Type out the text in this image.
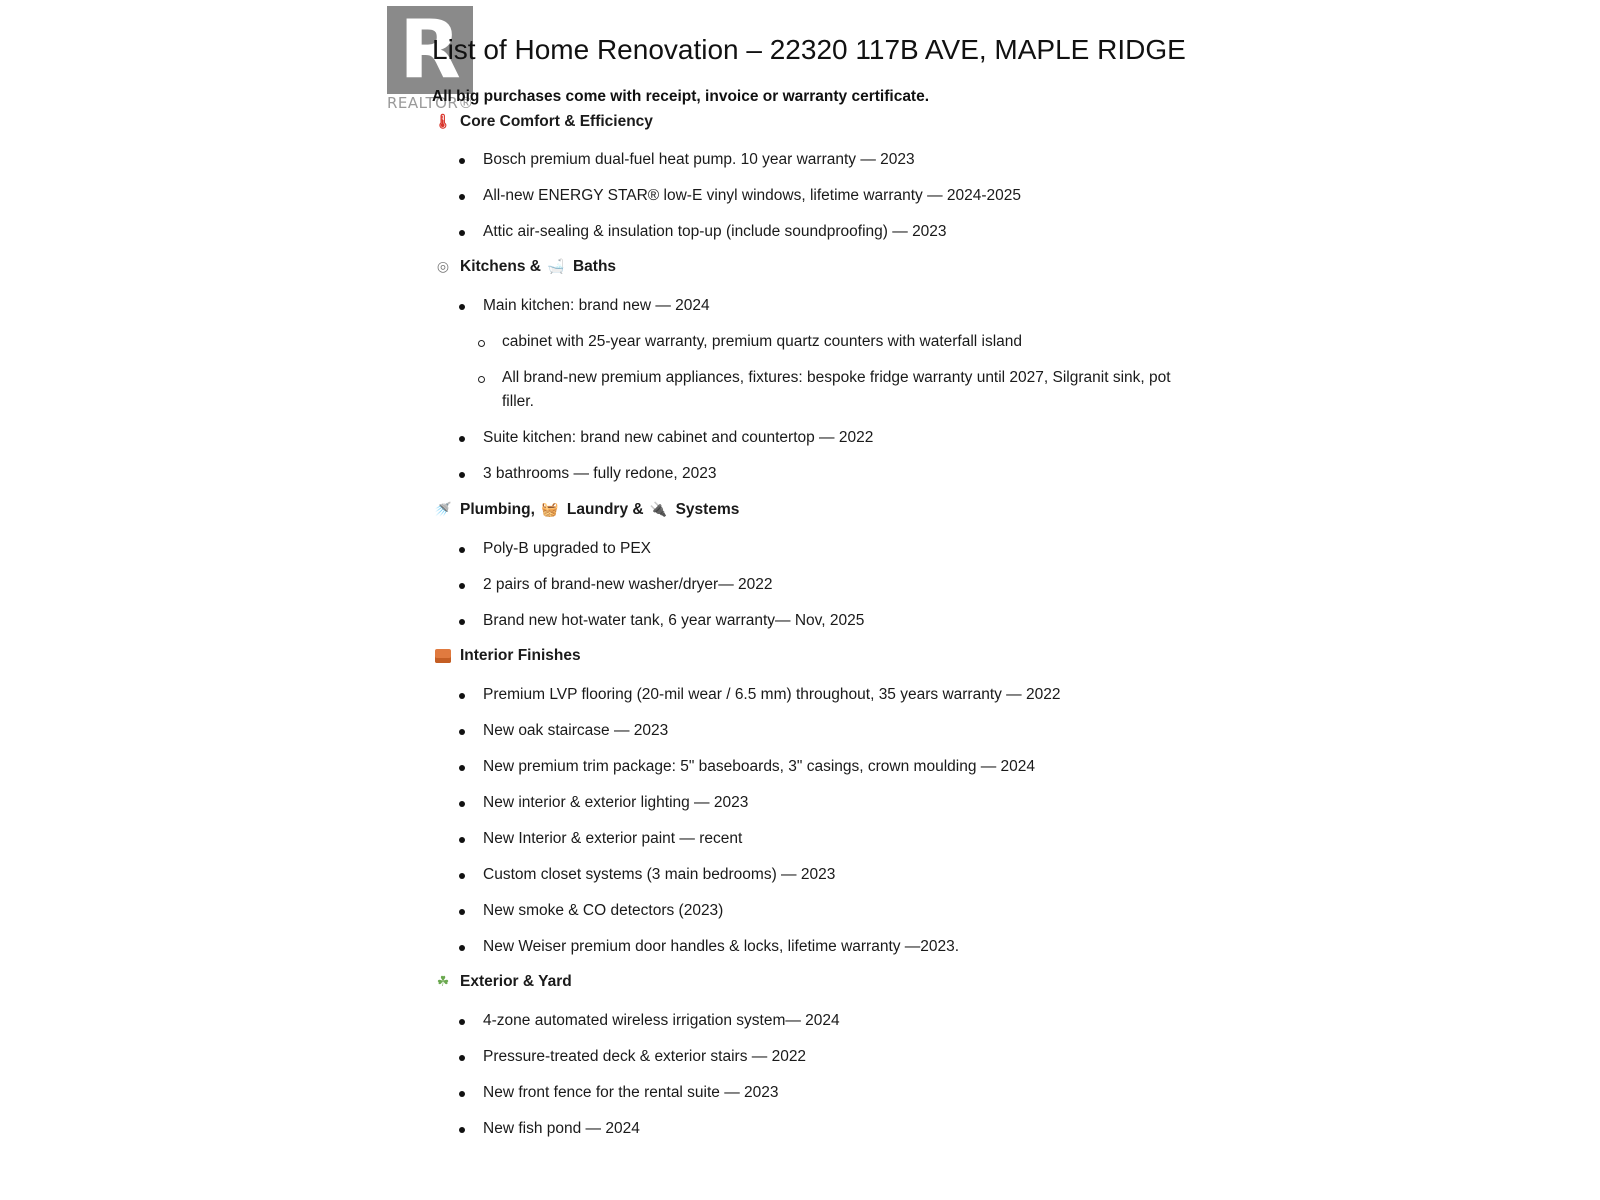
R
REALTOR®
List of Home Renovation – 22320 117B AVE, MAPLE RIDGE
All big purchases come with receipt, invoice or warranty certificate.
🌡 Core Comfort & Efficiency
Bosch premium dual-fuel heat pump. 10 year warranty — 2023
All-new ENERGY STAR® low-E vinyl windows, lifetime warranty — 2024-2025
Attic air-sealing & insulation top-up (include soundproofing) — 2023
◎ Kitchens & 🛁 Baths
Main kitchen: brand new — 2024
cabinet with 25-year warranty, premium quartz counters with waterfall island
All brand-new premium appliances, fixtures: bespoke fridge warranty until 2027, Silgranit sink, pot filler.
Suite kitchen: brand new cabinet and countertop — 2022
3 bathrooms — fully redone, 2023
🚿 Plumbing, 🧺 Laundry & 🔌 Systems
Poly-B upgraded to PEX
2 pairs of brand-new washer/dryer— 2022
Brand new hot-water tank, 6 year warranty— Nov, 2025
Interior Finishes
Premium LVP flooring (20-mil wear / 6.5 mm) throughout, 35 years warranty — 2022
New oak staircase — 2023
New premium trim package: 5" baseboards, 3" casings, crown moulding — 2024
New interior & exterior lighting — 2023
New Interior & exterior paint — recent
Custom closet systems (3 main bedrooms) — 2023
New smoke & CO detectors (2023)
New Weiser premium door handles & locks, lifetime warranty —2023.
☘ Exterior & Yard
4-zone automated wireless irrigation system— 2024
Pressure-treated deck & exterior stairs — 2022
New front fence for the rental suite — 2023
New fish pond — 2024
